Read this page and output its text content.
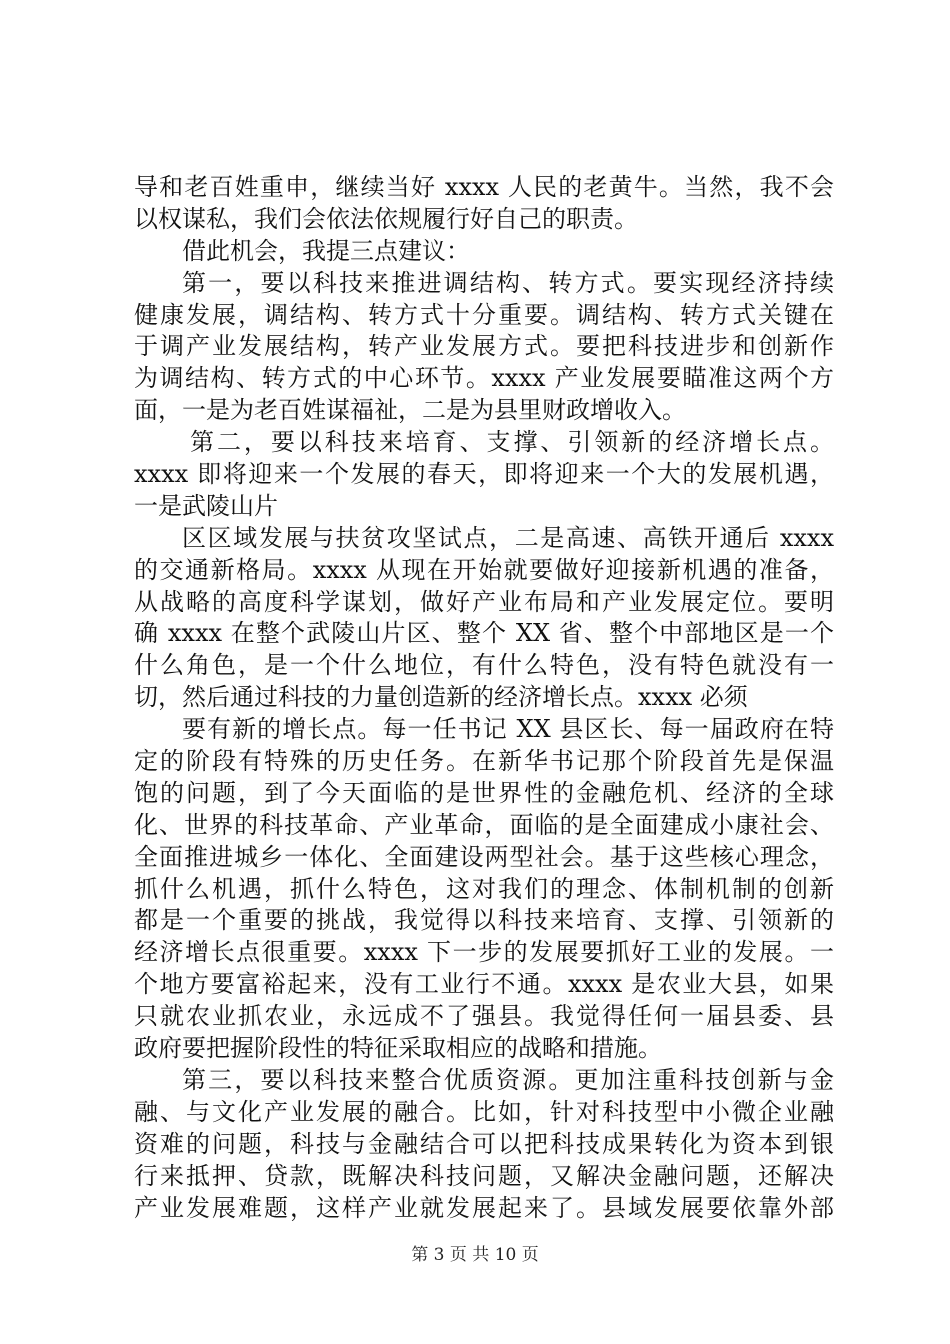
导和老百姓重申，继续当好 xxxx 人民的老黄牛。当然，我不会
以权谋私，我们会依法依规履行好自己的职责。
借此机会，我提三点建议：
第一，要以科技来推进调结构、转方式。要实现经济持续
健康发展，调结构、转方式十分重要。调结构、转方式关键在
于调产业发展结构，转产业发展方式。要把科技进步和创新作
为调结构、转方式的中心环节。xxxx 产业发展要瞄准这两个方
面，一是为老百姓谋福祉，二是为县里财政增收入。
第二，要以科技来培育、支撑、引领新的经济增长点。
xxxx 即将迎来一个发展的春天，即将迎来一个大的发展机遇，
一是武陵山片
区区域发展与扶贫攻坚试点，二是高速、高铁开通后 xxxx
的交通新格局。xxxx 从现在开始就要做好迎接新机遇的准备，
从战略的高度科学谋划，做好产业布局和产业发展定位。要明
确 xxxx 在整个武陵山片区、整个 XX 省、整个中部地区是一个
什么角色，是一个什么地位，有什么特色，没有特色就没有一
切，然后通过科技的力量创造新的经济增长点。xxxx 必须
要有新的增长点。每一任书记 XX 县区长、每一届政府在特
定的阶段有特殊的历史任务。在新华书记那个阶段首先是保温
饱的问题，到了今天面临的是世界性的金融危机、经济的全球
化、世界的科技革命、产业革命，面临的是全面建成小康社会、
全面推进城乡一体化、全面建设两型社会。基于这些核心理念，
抓什么机遇，抓什么特色，这对我们的理念、体制机制的创新
都是一个重要的挑战，我觉得以科技来培育、支撑、引领新的
经济增长点很重要。xxxx 下一步的发展要抓好工业的发展。一
个地方要富裕起来，没有工业行不通。xxxx 是农业大县，如果
只就农业抓农业，永远成不了强县。我觉得任何一届县委、县
政府要把握阶段性的特征采取相应的战略和措施。
第三，要以科技来整合优质资源。更加注重科技创新与金
融、与文化产业发展的融合。比如，针对科技型中小微企业融
资难的问题，科技与金融结合可以把科技成果转化为资本到银
行来抵押、贷款，既解决科技问题，又解决金融问题，还解决
产业发展难题，这样产业就发展起来了。县域发展要依靠外部
第 3 页 共 10 页
